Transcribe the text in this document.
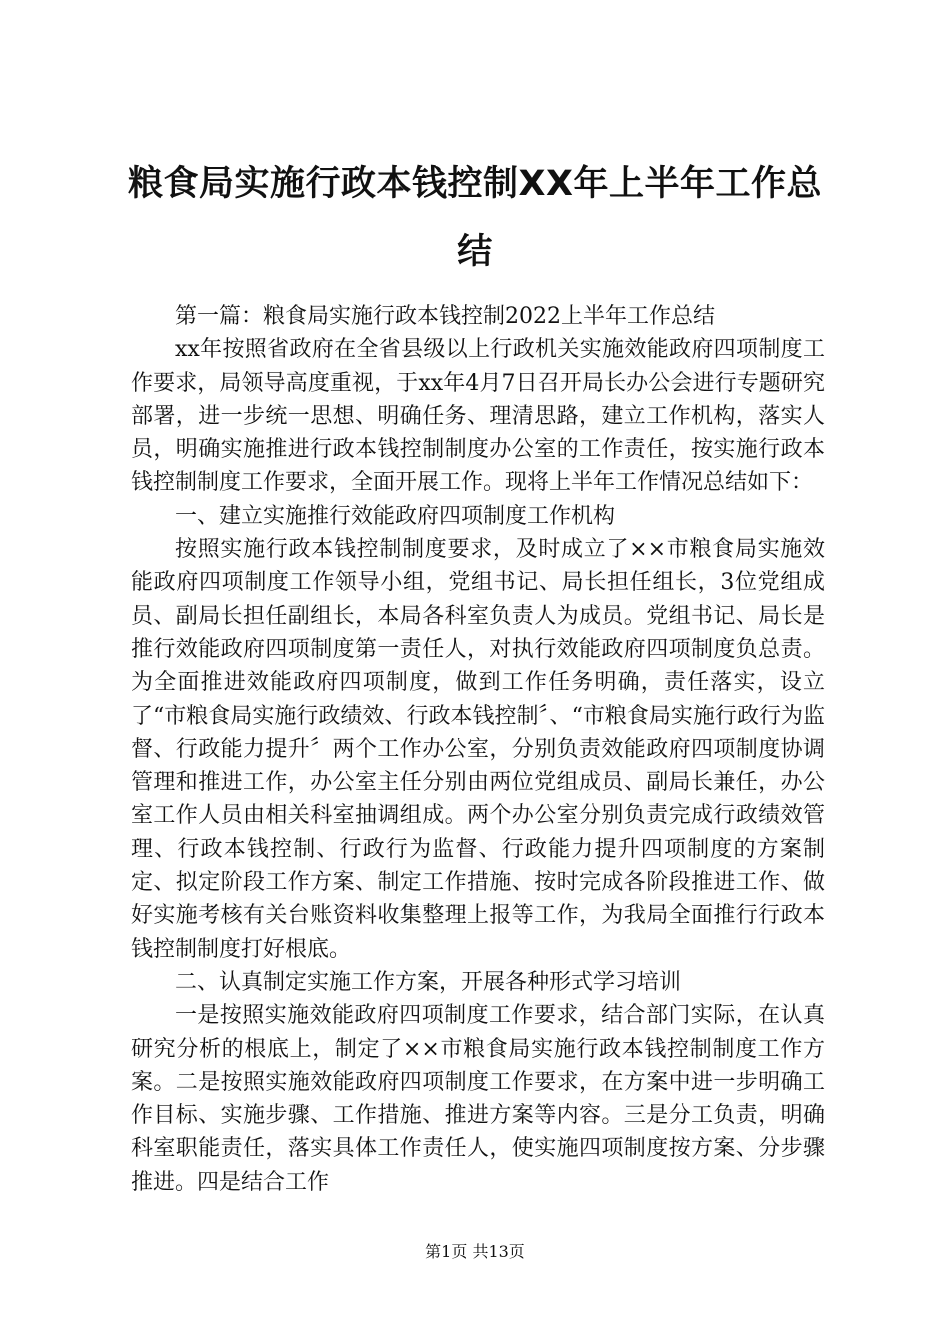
粮食局实施行政本钱控制XX年上半年工作总结

第一篇：粮食局实施行政本钱控制2022上半年工作总结

xx年按照省政府在全省县级以上行政机关实施效能政府四项制度工作要求，局领导高度重视，于xx年4月7日召开局长办公会进行专题研究部署，进一步统一思想、明确任务、理清思路，建立工作机构，落实人员，明确实施推进行政本钱控制制度办公室的工作责任，按实施行政本钱控制制度工作要求，全面开展工作。现将上半年工作情况总结如下：

一、建立实施推行效能政府四项制度工作机构

按照实施行政本钱控制制度要求，及时成立了××市粮食局实施效能政府四项制度工作领导小组，党组书记、局长担任组长，3位党组成员、副局长担任副组长，本局各科室负责人为成员。党组书记、局长是推行效能政府四项制度第一责任人，对执行效能政府四项制度负总责。为全面推进效能政府四项制度，做到工作任务明确，责任落实，设立了“市粮食局实施行政绩效、行政本钱控制〞、“市粮食局实施行政行为监督、行政能力提升〞两个工作办公室，分别负责效能政府四项制度协调管理和推进工作，办公室主任分别由两位党组成员、副局长兼任，办公室工作人员由相关科室抽调组成。两个办公室分别负责完成行政绩效管理、行政本钱控制、行政行为监督、行政能力提升四项制度的方案制定、拟定阶段工作方案、制定工作措施、按时完成各阶段推进工作、做好实施考核有关台账资料收集整理上报等工作，为我局全面推行行政本钱控制制度打好根底。

二、认真制定实施工作方案，开展各种形式学习培训

一是按照实施效能政府四项制度工作要求，结合部门实际，在认真研究分析的根底上，制定了××市粮食局实施行政本钱控制制度工作方案。二是按照实施效能政府四项制度工作要求，在方案中进一步明确工作目标、实施步骤、工作措施、推进方案等内容。三是分工负责，明确科室职能责任，落实具体工作责任人，使实施四项制度按方案、分步骤推进。四是结合工作

第1页 共13页
